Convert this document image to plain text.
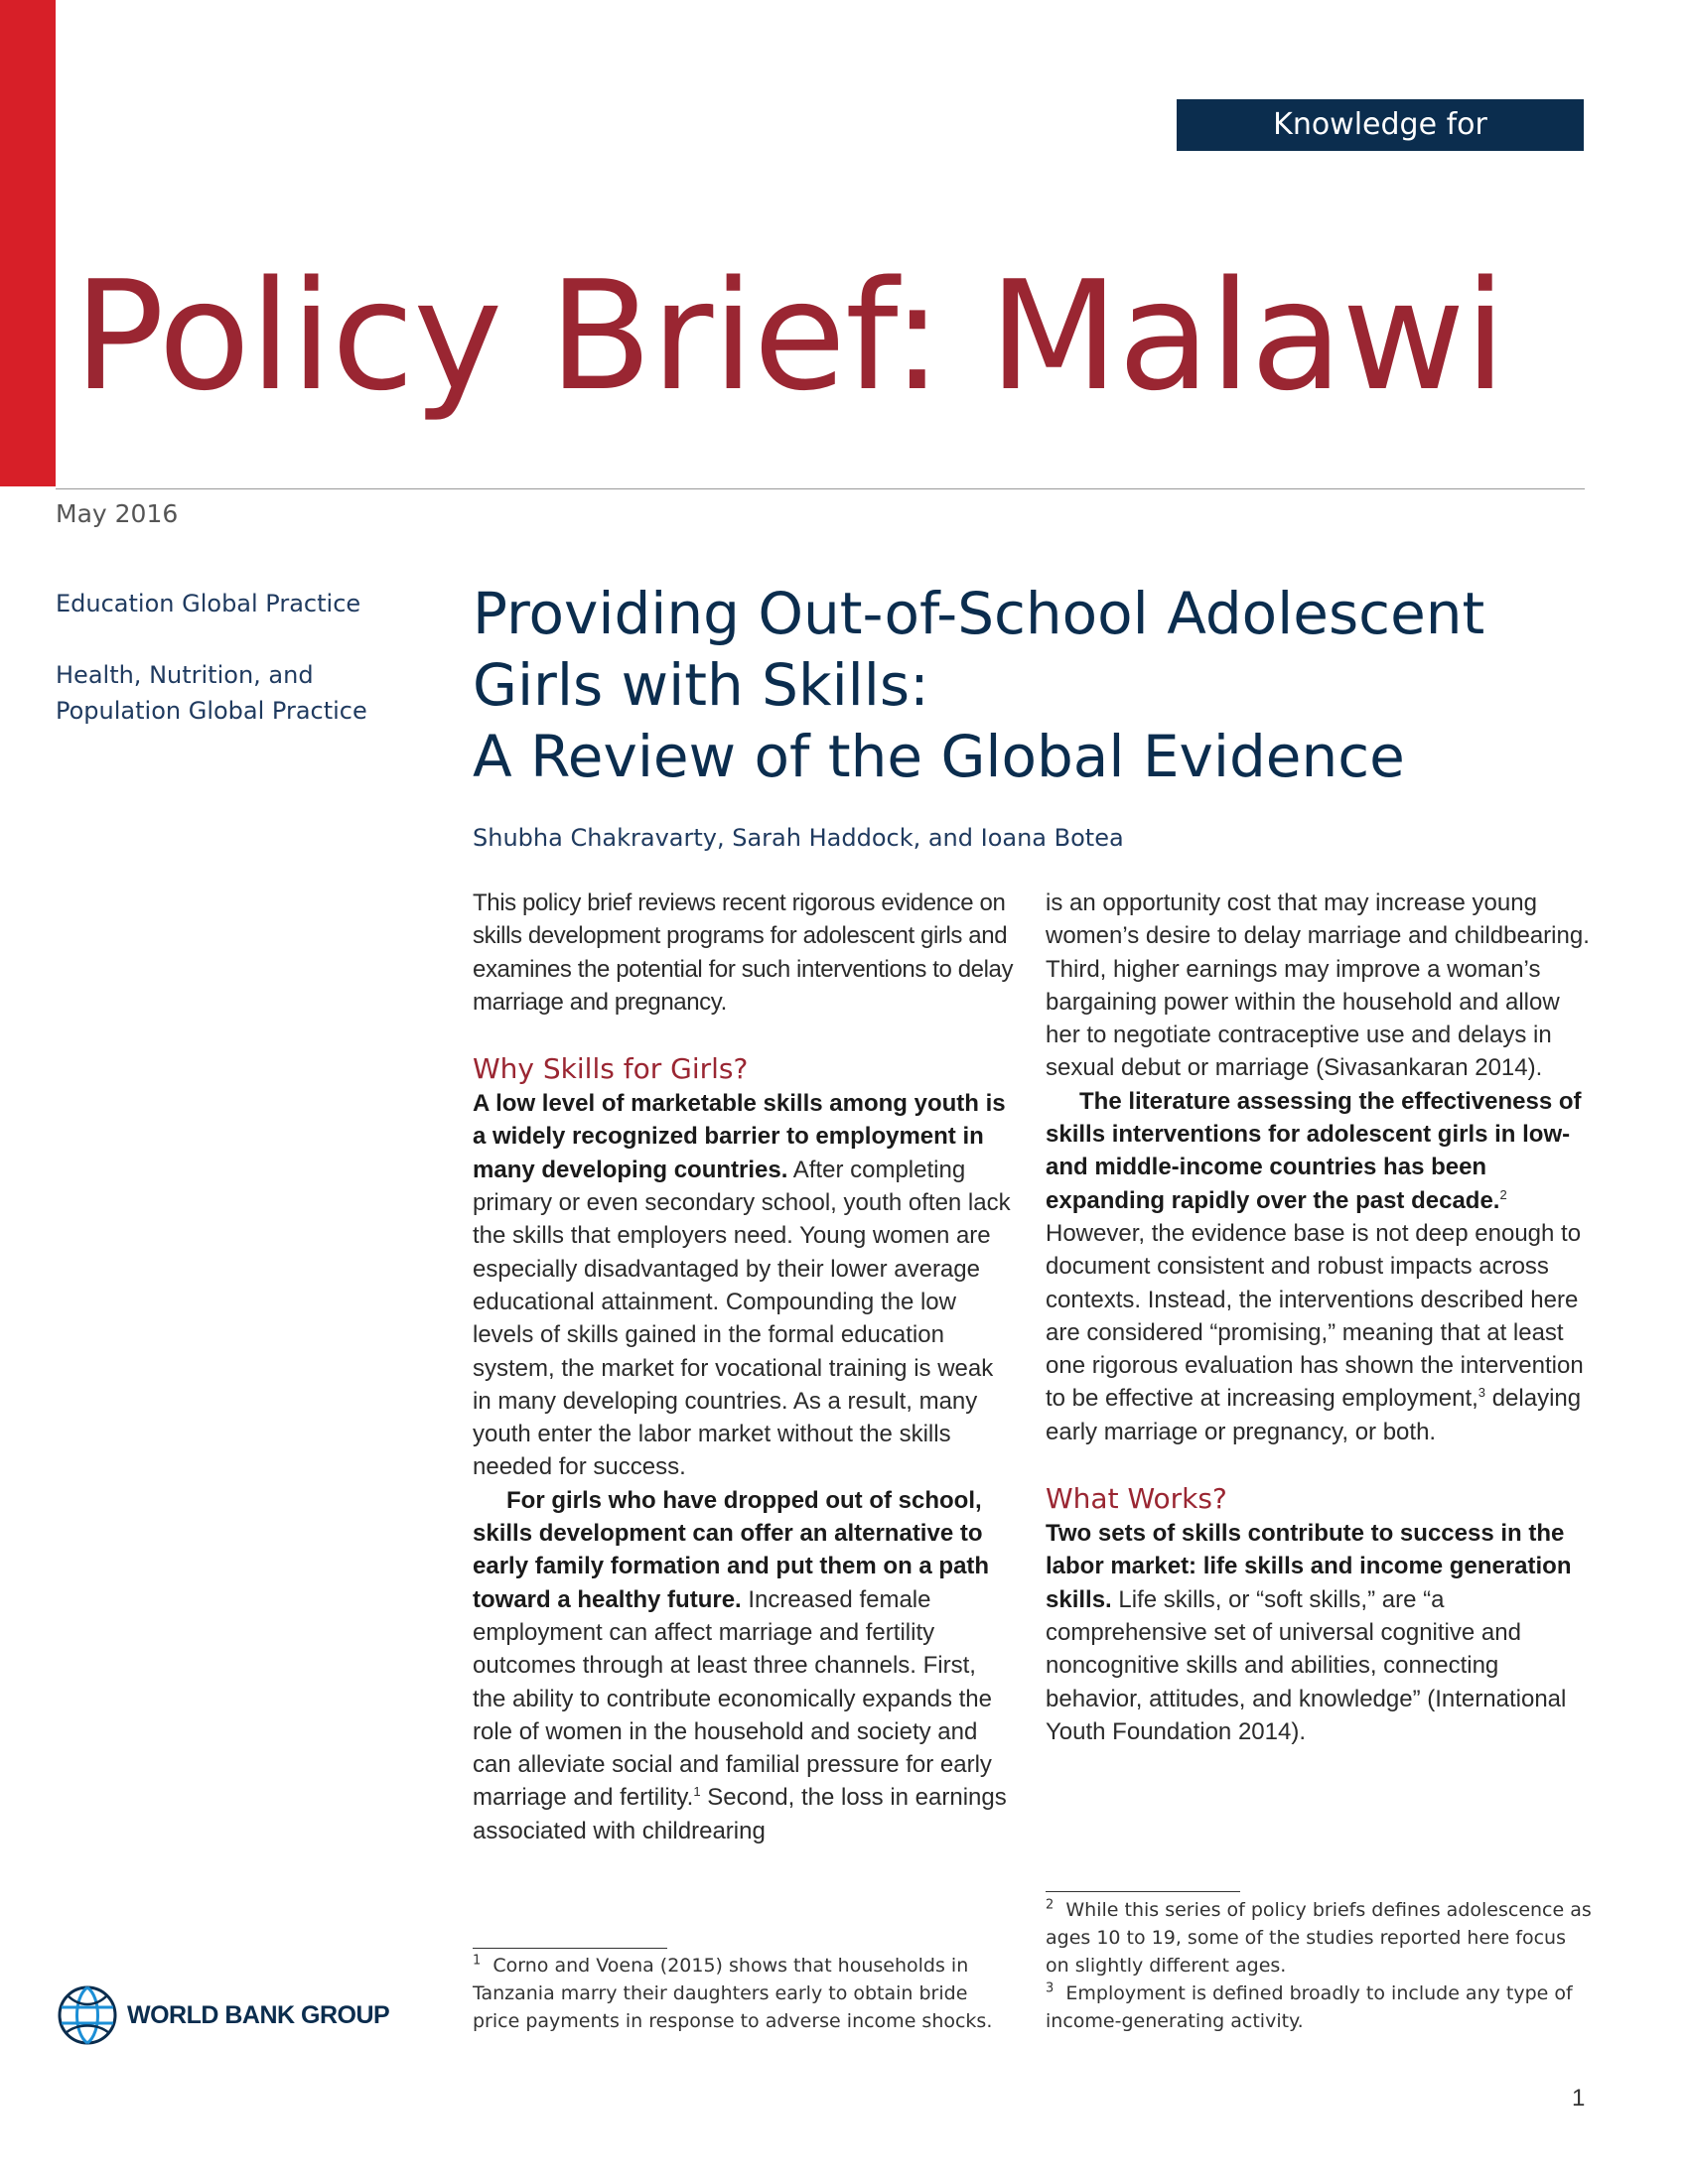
Knowledge for Development
Policy Brief: Malawi
May 2016
Education Global Practice
Health, Nutrition, and Population Global Practice
Providing Out-of-School Adolescent
Girls with Skills:
A Review of the Global Evidence
Shubha Chakravarty, Sarah Haddock, and Ioana Botea

This policy brief reviews recent rigorous evidence on skills development programs for adolescent girls and examines the potential for such interventions to delay marriage and pregnancy.

Why Skills for Girls?

A low level of marketable skills among youth is a widely recognized barrier to employment in many developing countries. After completing primary or even secondary school, youth often lack the skills that employers need. Young women are especially disadvantaged by their lower average educational attainment. Compounding the low levels of skills gained in the formal education system, the market for vocational training is weak in many developing countries. As a result, many youth enter the labor market without the skills needed for success.

For girls who have dropped out of school, skills development can offer an alternative to early family formation and put them on a path toward a healthy future. Increased female employment can affect marriage and fertility outcomes through at least three channels. First, the ability to contribute economically expands the role of women in the household and society and can alleviate social and familial pressure for early marriage and fertility.$^1$ Second, the loss in earnings associated with childrearing

is an opportunity cost that may increase young women’s desire to delay marriage and childbearing. Third, higher earnings may improve a woman’s bargaining power within the household and allow her to negotiate contraceptive use and delays in sexual debut or marriage (Sivasankaran 2014).

The literature assessing the effectiveness of skills interventions for adolescent girls in low- and middle-income countries has been expanding rapidly over the past decade.$^2$ However, the evidence base is not deep enough to document consistent and robust impacts across contexts. Instead, the interventions described here are considered “promising,” meaning that at least one rigorous evaluation has shown the intervention to be effective at increasing employment,$^3$ delaying early marriage or pregnancy, or both.

What Works?

Two sets of skills contribute to success in the labor market: life skills and income generation skills. Life skills, or “soft skills,” are “a comprehensive set of universal cognitive and noncognitive skills and abilities, connecting behavior, attitudes, and knowledge” (International Youth Foundation 2014).

$^2$ While this series of policy briefs defines adolescence as ages 10 to 19, some of the studies reported here focus on slightly different ages.
$^3$ Employment is defined broadly to include any type of income-generating activity.
$^1$ Corno and Voena (2015) shows that households in Tanzania marry their daughters early to obtain bride price payments in response to adverse income shocks.
WORLD BANK GROUP
1
